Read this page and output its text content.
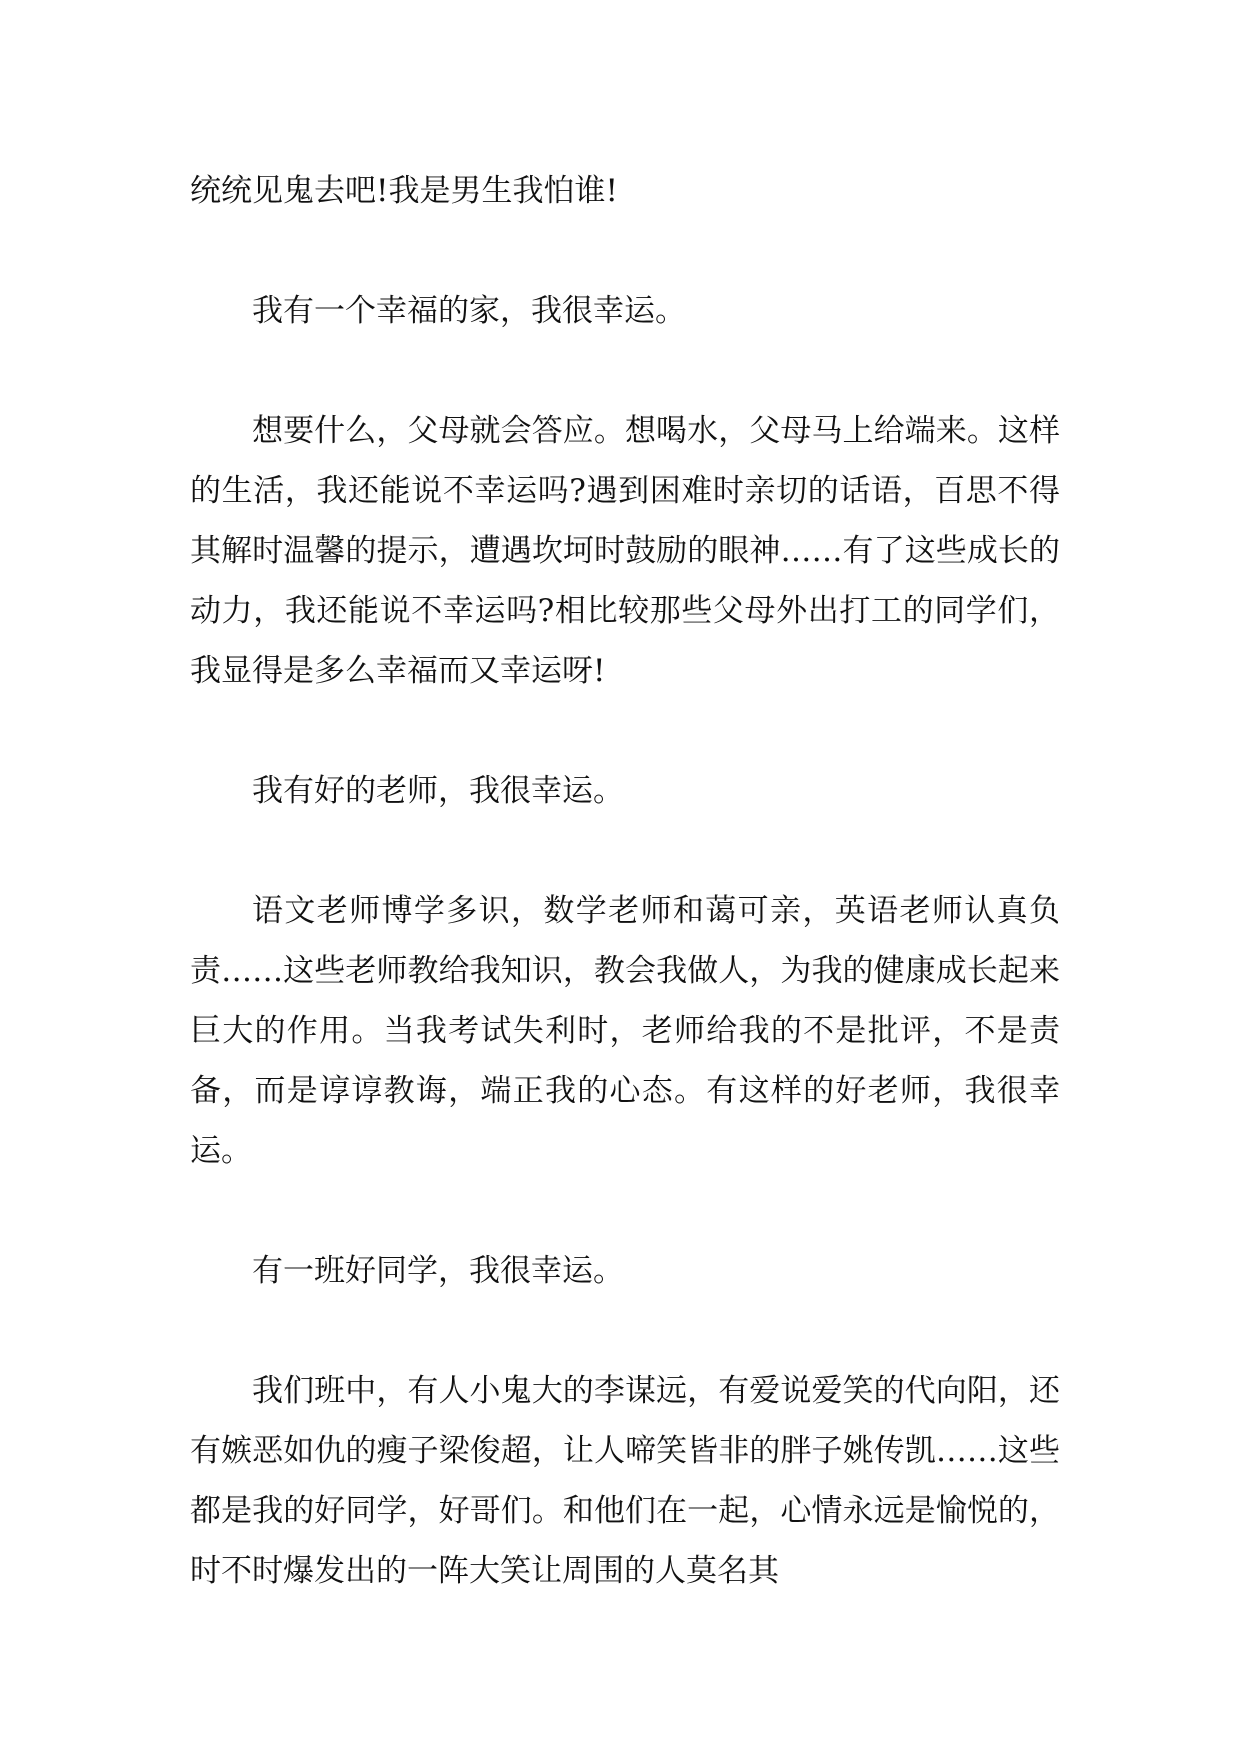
统统见鬼去吧!我是男生我怕谁!

我有一个幸福的家，我很幸运。

想要什么，父母就会答应。想喝水，父母马上给端来。这样的生活，我还能说不幸运吗?遇到困难时亲切的话语，百思不得其解时温馨的提示，遭遇坎坷时鼓励的眼神……有了这些成长的动力，我还能说不幸运吗?相比较那些父母外出打工的同学们，我显得是多么幸福而又幸运呀!

我有好的老师，我很幸运。

语文老师博学多识，数学老师和蔼可亲，英语老师认真负责……这些老师教给我知识，教会我做人，为我的健康成长起来巨大的作用。当我考试失利时，老师给我的不是批评，不是责备，而是谆谆教诲，端正我的心态。有这样的好老师，我很幸运。

有一班好同学，我很幸运。

我们班中，有人小鬼大的李谋远，有爱说爱笑的代向阳，还有嫉恶如仇的瘦子梁俊超，让人啼笑皆非的胖子姚传凯……这些都是我的好同学，好哥们。和他们在一起，心情永远是愉悦的，时不时爆发出的一阵大笑让周围的人莫名其
